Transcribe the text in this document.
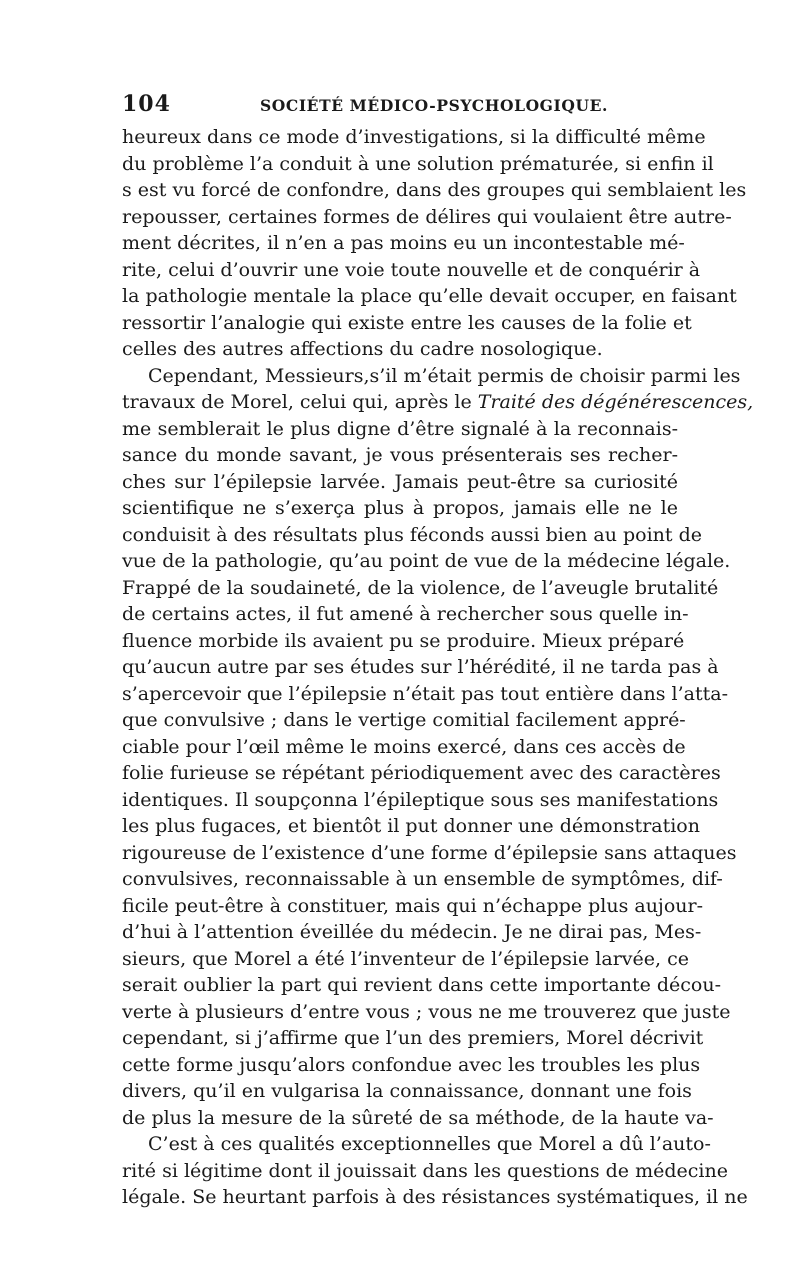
104	SOCIÉTÉ MÉDICO-PSYCHOLOGIQUE.
heureux dans ce mode d’investigations, si la difficulté même
du problème l’a conduit à une solution prématurée, si enfin il
s est vu forcé de confondre, dans des groupes qui semblaient les
repousser, certaines formes de délires qui voulaient être autre-
ment décrites, il n’en a pas moins eu un incontestable mé-
rite, celui d’ouvrir une voie toute nouvelle et de conquérir à
la pathologie mentale la place qu’elle devait occuper, en faisant
ressortir l’analogie qui existe entre les causes de la folie et
celles des autres affections du cadre nosologique.
Cependant, Messieurs,s’il m’était permis de choisir parmi les
travaux de Morel, celui qui, après le Traité des dégénérescences,
me semblerait le plus digne d’être signalé à la reconnais-
sance du monde savant, je vous présenterais ses recher-
ches sur l’épilepsie larvée. Jamais peut-être sa curiosité
scientifique ne s’exerça plus à propos, jamais elle ne le
conduisit à des résultats plus féconds aussi bien au point de
vue de la pathologie, qu’au point de vue de la médecine légale.
Frappé de la soudaineté, de la violence, de l’aveugle brutalité
de certains actes, il fut amené à rechercher sous quelle in-
fluence morbide ils avaient pu se produire. Mieux préparé
qu’aucun autre par ses études sur l’hérédité, il ne tarda pas à
s’apercevoir que l’épilepsie n’était pas tout entière dans l’atta-
que convulsive ; dans le vertige comitial facilement appré-
ciable pour l’œil même le moins exercé, dans ces accès de
folie furieuse se répétant périodiquement avec des caractères
identiques. Il soupçonna l’épileptique sous ses manifestations
les plus fugaces, et bientôt il put donner une démonstration
rigoureuse de l’existence d’une forme d’épilepsie sans attaques
convulsives, reconnaissable à un ensemble de symptômes, dif-
ficile peut-être à constituer, mais qui n’échappe plus aujour-
d’hui à l’attention éveillée du médecin. Je ne dirai pas, Mes-
sieurs, que Morel a été l’inventeur de l’épilepsie larvée, ce
serait oublier la part qui revient dans cette importante décou-
verte à plusieurs d’entre vous ; vous ne me trouverez que juste
cependant, si j’affirme que l’un des premiers, Morel décrivit
cette forme jusqu’alors confondue avec les troubles les plus
divers, qu’il en vulgarisa la connaissance, donnant une fois
de plus la mesure de la sûreté de sa méthode, de la haute va-
C’est à ces qualités exceptionnelles que Morel a dû l’auto-
rité si légitime dont il jouissait dans les questions de médecine
légale. Se heurtant parfois à des résistances systématiques, il ne
